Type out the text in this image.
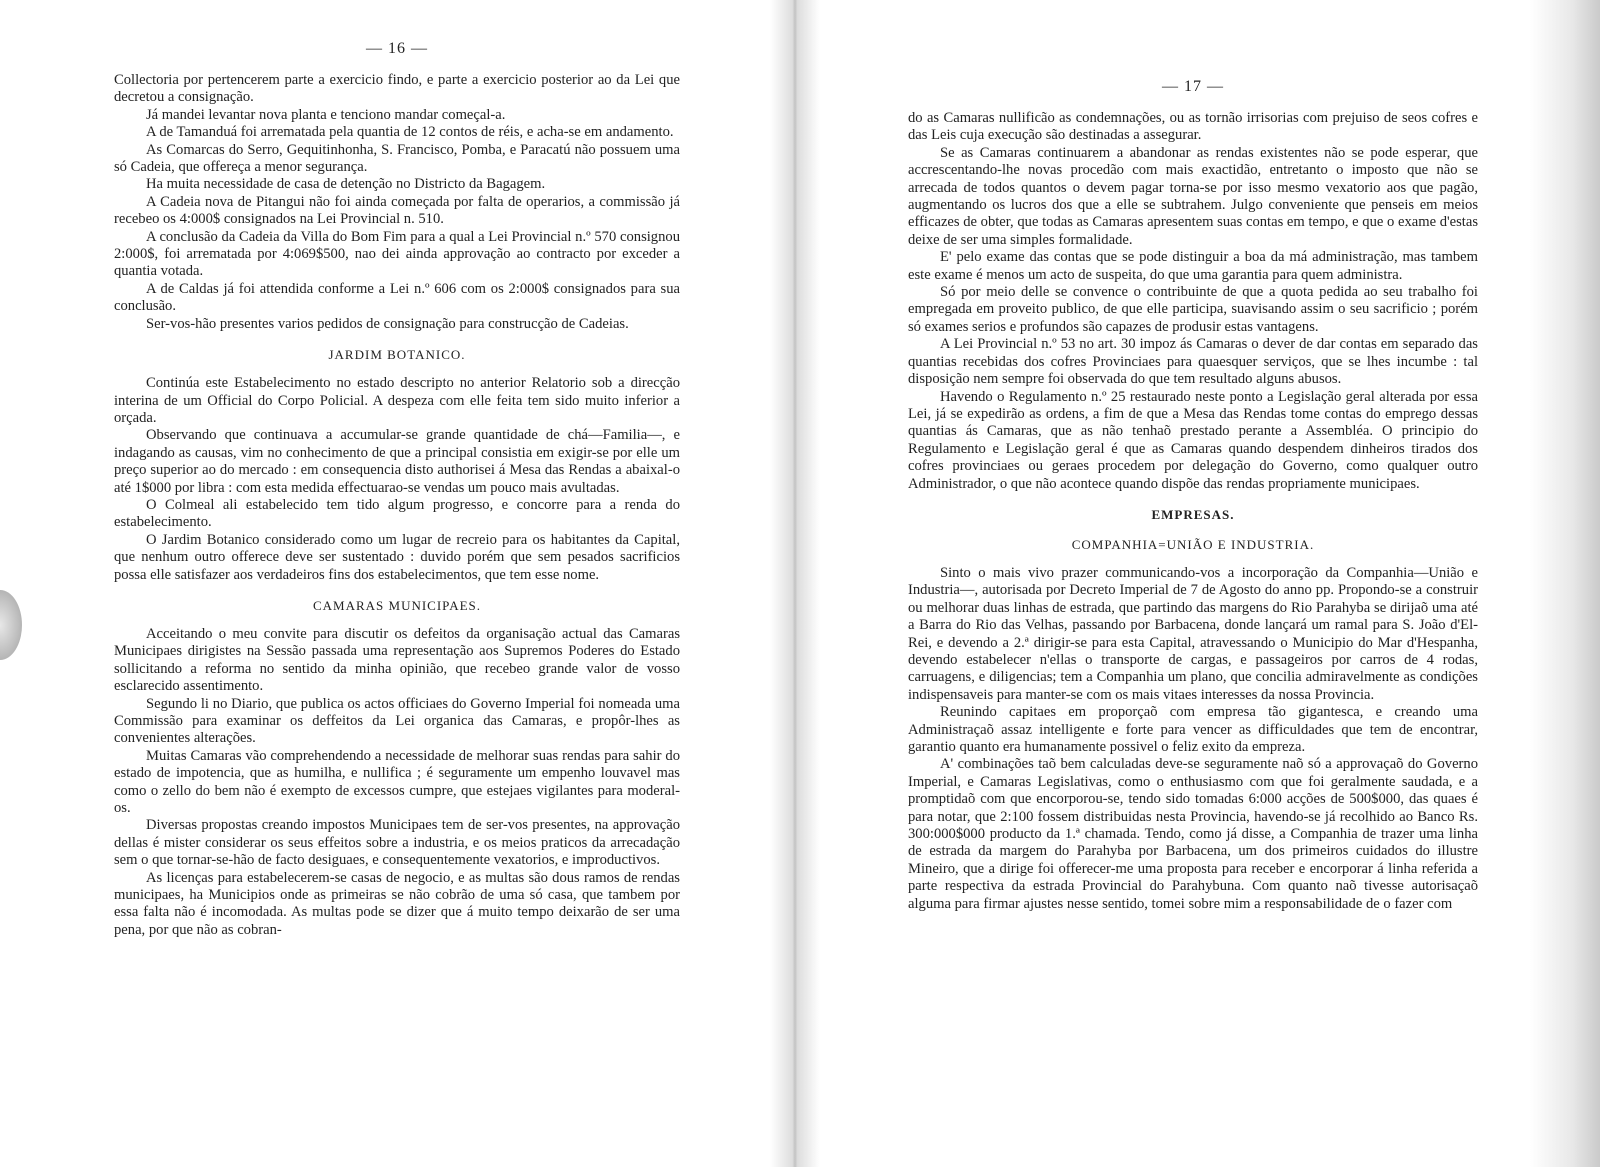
— 16 —

Collectoria por pertencerem parte a exercicio findo, e parte a exercicio posterior ao da Lei que decretou a consignação.

Já mandei levantar nova planta e tenciono mandar começal-a.

A de Tamanduá foi arrematada pela quantia de 12 contos de réis, e acha-se em andamento.

As Comarcas do Serro, Gequitinhonha, S. Francisco, Pomba, e Paracatú não possuem uma só Cadeia, que offereça a menor segurança.

Ha muita necessidade de casa de detenção no Districto da Bagagem.

A Cadeia nova de Pitangui não foi ainda começada por falta de operarios, a commissão já recebeo os 4:000$ consignados na Lei Provincial n. 510.

A conclusão da Cadeia da Villa do Bom Fim para a qual a Lei Provincial n.º 570 consignou 2:000$, foi arrematada por 4:069$500, nao dei ainda approvação ao contracto por exceder a quantia votada.

A de Caldas já foi attendida conforme a Lei n.º 606 com os 2:000$ consignados para sua conclusão.

Ser-vos-hão presentes varios pedidos de consignação para construcção de Cadeias.

JARDIM BOTANICO.

Continúa este Estabelecimento no estado descripto no anterior Relatorio sob a direcção interina de um Official do Corpo Policial. A despeza com elle feita tem sido muito inferior a orçada.

Observando que continuava a accumular-se grande quantidade de chá—Familia—, e indagando as causas, vim no conhecimento de que a principal consistia em exigir-se por elle um preço superior ao do mercado : em consequencia disto authorisei á Mesa das Rendas a abaixal-o até 1$000 por libra : com esta medida effectuarao-se vendas um pouco mais avultadas.

O Colmeal ali estabelecido tem tido algum progresso, e concorre para a renda do estabelecimento.

O Jardim Botanico considerado como um lugar de recreio para os habitantes da Capital, que nenhum outro offerece deve ser sustentado : duvido porém que sem pesados sacrificios possa elle satisfazer aos verdadeiros fins dos estabelecimentos, que tem esse nome.

CAMARAS MUNICIPAES.

Acceitando o meu convite para discutir os defeitos da organisação actual das Camaras Municipaes dirigistes na Sessão passada uma representação aos Supremos Poderes do Estado sollicitando a reforma no sentido da minha opinião, que recebeo grande valor de vosso esclarecido assentimento.

Segundo li no Diario, que publica os actos officiaes do Governo Imperial foi nomeada uma Commissão para examinar os deffeitos da Lei organica das Camaras, e propôr-lhes as convenientes alterações.

Muitas Camaras vão comprehendendo a necessidade de melhorar suas rendas para sahir do estado de impotencia, que as humilha, e nullifica ; é seguramente um empenho louvavel mas como o zello do bem não é exempto de excessos cumpre, que estejaes vigilantes para moderal-os.

Diversas propostas creando impostos Municipaes tem de ser-vos presentes, na approvação dellas é mister considerar os seus effeitos sobre a industria, e os meios praticos da arrecadação sem o que tornar-se-hão de facto desiguaes, e consequentemente vexatorios, e improductivos.

As licenças para estabelecerem-se casas de negocio, e as multas são dous ramos de rendas municipaes, ha Municipios onde as primeiras se não cobrão de uma só casa, que tambem por essa falta não é incomodada. As multas pode se dizer que á muito tempo deixarão de ser uma pena, por que não as cobran-

— 17 —

do as Camaras nullificão as condemnações, ou as tornão irrisorias com prejuiso de seos cofres e das Leis cuja execução são destinadas a assegurar.

Se as Camaras continuarem a abandonar as rendas existentes não se pode esperar, que accrescentando-lhe novas procedão com mais exactidão, entretanto o imposto que não se arrecada de todos quantos o devem pagar torna-se por isso mesmo vexatorio aos que pagão, augmentando os lucros dos que a elle se subtrahem. Julgo conveniente que penseis em meios efficazes de obter, que todas as Camaras apresentem suas contas em tempo, e que o exame d'estas deixe de ser uma simples formalidade.

E' pelo exame das contas que se pode distinguir a boa da má administração, mas tambem este exame é menos um acto de suspeita, do que uma garantia para quem administra.

Só por meio delle se convence o contribuinte de que a quota pedida ao seu trabalho foi empregada em proveito publico, de que elle participa, suavisando assim o seu sacrificio ; porém só exames serios e profundos são capazes de produsir estas vantagens.

A Lei Provincial n.º 53 no art. 30 impoz ás Camaras o dever de dar contas em separado das quantias recebidas dos cofres Provinciaes para quaesquer serviços, que se lhes incumbe : tal disposição nem sempre foi observada do que tem resultado alguns abusos.

Havendo o Regulamento n.º 25 restaurado neste ponto a Legislação geral alterada por essa Lei, já se expedirão as ordens, a fim de que a Mesa das Rendas tome contas do emprego dessas quantias ás Camaras, que as não tenhaõ prestado perante a Assembléa. O principio do Regulamento e Legislação geral é que as Camaras quando despendem dinheiros tirados dos cofres provinciaes ou geraes procedem por delegação do Governo, como qualquer outro Administrador, o que não acontece quando dispõe das rendas propriamente municipaes.

EMPRESAS.
COMPANHIA=UNIÃO E INDUSTRIA.

Sinto o mais vivo prazer communicando-vos a incorporação da Companhia—União e Industria—, autorisada por Decreto Imperial de 7 de Agosto do anno pp. Propondo-se a construir ou melhorar duas linhas de estrada, que partindo das margens do Rio Parahyba se dirijaõ uma até a Barra do Rio das Velhas, passando por Barbacena, donde lançará um ramal para S. João d'El-Rei, e devendo a 2.ª dirigir-se para esta Capital, atravessando o Municipio do Mar d'Hespanha, devendo estabelecer n'ellas o transporte de cargas, e passageiros por carros de 4 rodas, carruagens, e diligencias; tem a Companhia um plano, que concilia admiravelmente as condições indispensaveis para manter-se com os mais vitaes interesses da nossa Provincia.

Reunindo capitaes em proporçaõ com empresa tão gigantesca, e creando uma Administraçaõ assaz intelligente e forte para vencer as difficuldades que tem de encontrar, garantio quanto era humanamente possivel o feliz exito da empreza.

A' combinações taõ bem calculadas deve-se seguramente naõ só a approvaçaõ do Governo Imperial, e Camaras Legislativas, como o enthusiasmo com que foi geralmente saudada, e a promptidaõ com que encorporou-se, tendo sido tomadas 6:000 acções de 500$000, das quaes é para notar, que 2:100 fossem distribuidas nesta Provincia, havendo-se já recolhido ao Banco Rs. 300:000$000 producto da 1.ª chamada. Tendo, como já disse, a Companhia de trazer uma linha de estrada da margem do Parahyba por Barbacena, um dos primeiros cuidados do illustre Mineiro, que a dirige foi offerecer-me uma proposta para receber e encorporar á linha referida a parte respectiva da estrada Provincial do Parahybuna. Com quanto naõ tivesse autorisaçaõ alguma para firmar ajustes nesse sentido, tomei sobre mim a responsabilidade de o fazer com
